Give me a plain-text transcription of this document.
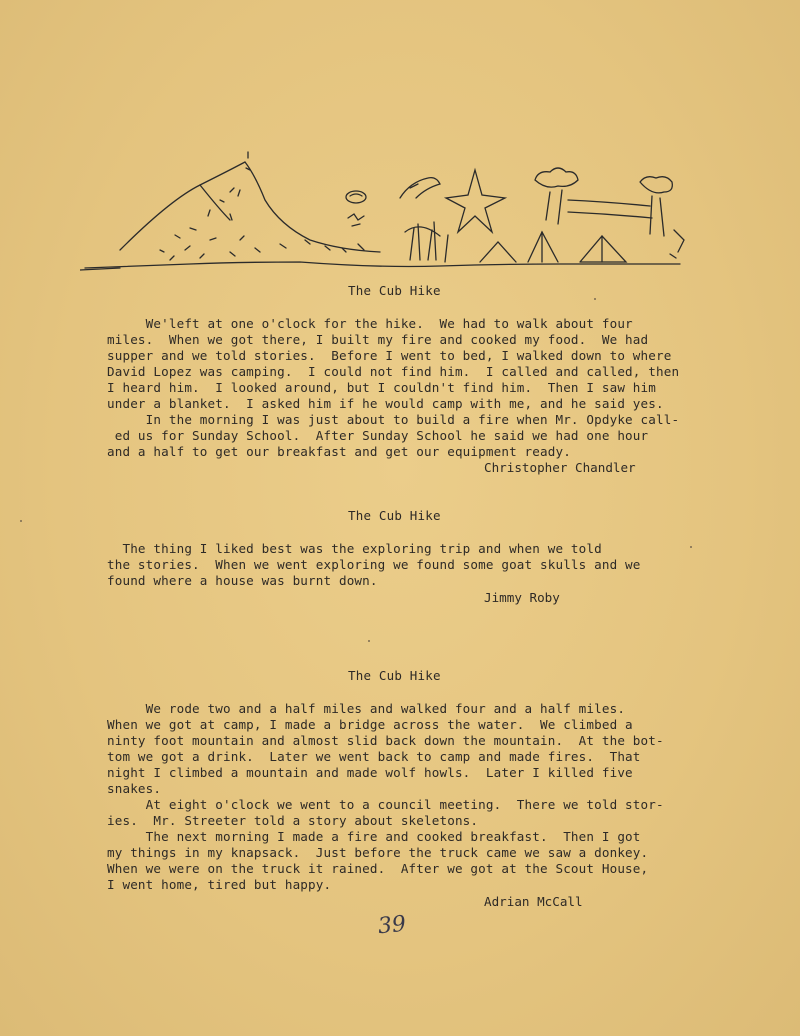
The Cub Hike
We'left at one o'clock for the hike.  We had to walk about four
miles.  When we got there, I built my fire and cooked my food.  We had
supper and we told stories.  Before I went to bed, I walked down to where
David Lopez was camping.  I could not find him.  I called and called, then
I heard him.  I looked around, but I couldn't find him.  Then I saw him
under a blanket.  I asked him if he would camp with me, and he said yes.
In the morning I was just about to build a fire when Mr. Opdyke call-
ed us for Sunday School.  After Sunday School he said we had one hour
and a half to get our breakfast and get our equipment ready.
Christopher Chandler
The Cub Hike
The thing I liked best was the exploring trip and when we told
the stories.  When we went exploring we found some goat skulls and we
found where a house was burnt down.
Jimmy Roby
The Cub Hike
We rode two and a half miles and walked four and a half miles.
When we got at camp, I made a bridge across the water.  We climbed a
ninty foot mountain and almost slid back down the mountain.  At the bot-
tom we got a drink.  Later we went back to camp and made fires.  That
night I climbed a mountain and made wolf howls.  Later I killed five
snakes.
At eight o'clock we went to a council meeting.  There we told stor-
ies.  Mr. Streeter told a story about skeletons.
The next morning I made a fire and cooked breakfast.  Then I got
my things in my knapsack.  Just before the truck came we saw a donkey.
When we were on the truck it rained.  After we got at the Scout House,
I went home, tired but happy.
Adrian McCall
39
